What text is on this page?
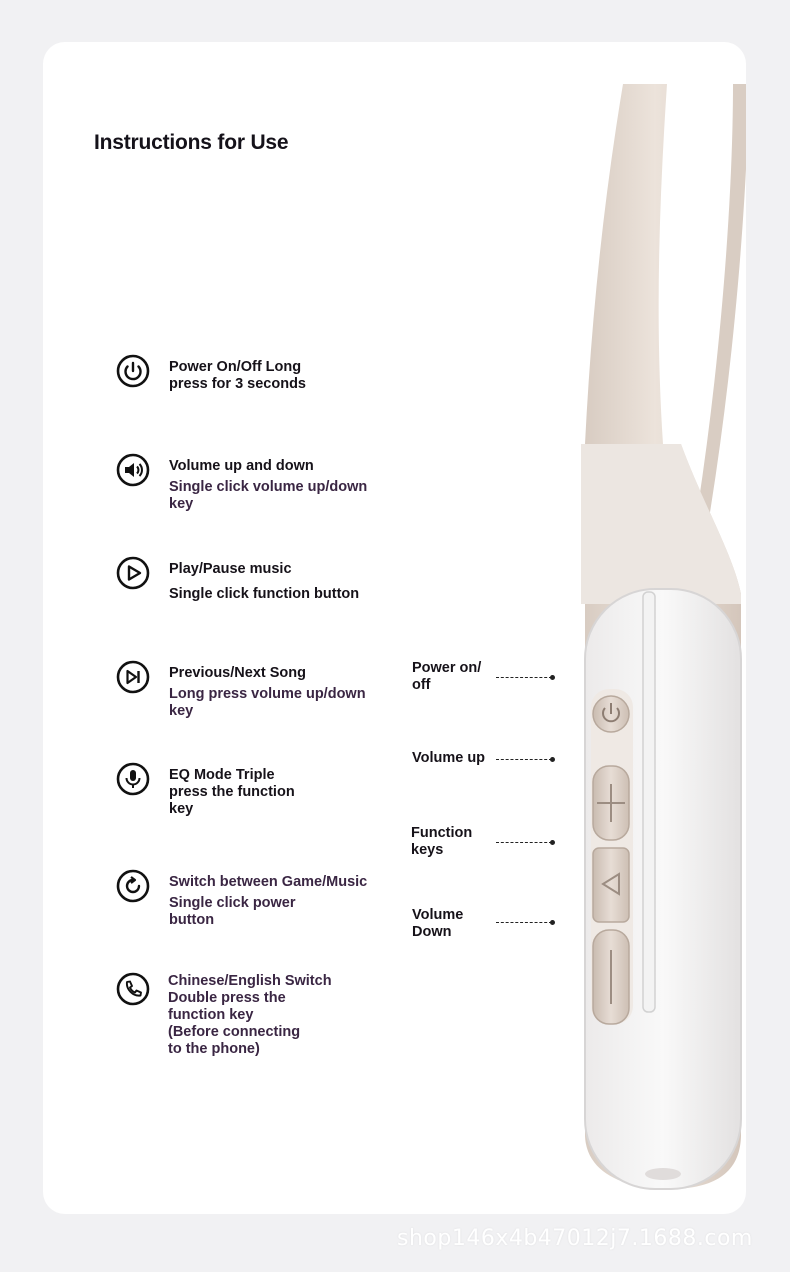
Instructions for Use
Power On/Off Long
press for 3 seconds
Volume up and down
Single click volume up/down
key
Play/Pause music
Single click function button
Previous/Next Song
Long press volume up/down
key
EQ Mode Triple
press the function
key
Switch between Game/Music
Single click power
button
Chinese/English Switch
Double press the
function key
(Before connecting
to the phone)
Power on/
off
Volume up
Function
keys
Volume
Down
shop146x4b47012j7.1688.com
